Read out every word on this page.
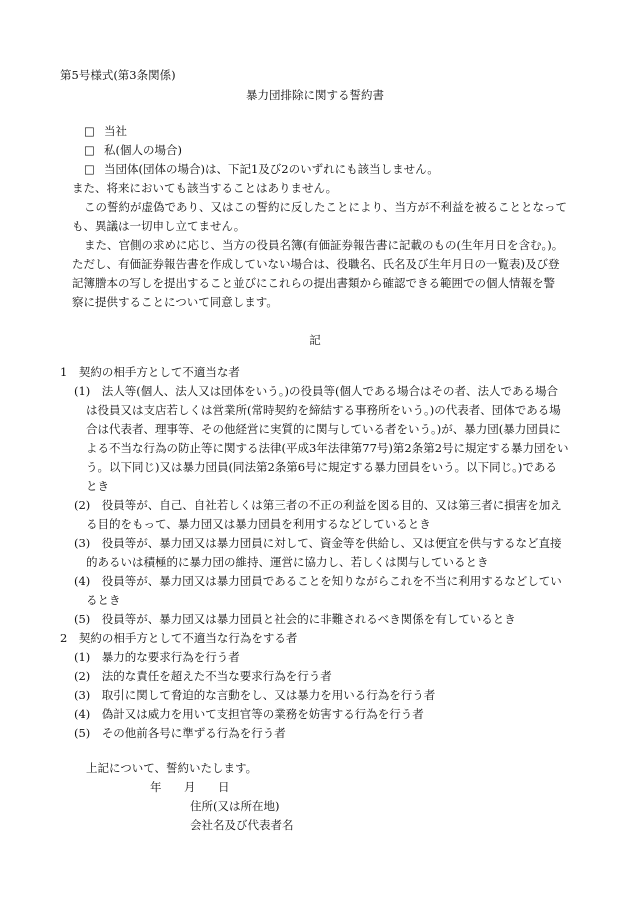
第5号様式(第3条関係)
暴力団排除に関する誓約書
□ 当社
□ 私(個人の場合)
□ 当団体(団体の場合)は、下記1及び2のいずれにも該当しません。
また、将来においても該当することはありません。
この誓約が虚偽であり、又はこの誓約に反したことにより、当方が不利益を被ることとなって
も、異議は一切申し立てません。
また、官側の求めに応じ、当方の役員名簿(有価証券報告書に記載のもの(生年月日を含む。)。
ただし、有価証券報告書を作成していない場合は、役職名、氏名及び生年月日の一覧表)及び登
記簿謄本の写しを提出すること並びにこれらの提出書類から確認できる範囲での個人情報を警
察に提供することについて同意します。
記
1　契約の相手方として不適当な者
(1)　法人等(個人、法人又は団体をいう。)の役員等(個人である場合はその者、法人である場合
は役員又は支店若しくは営業所(常時契約を締結する事務所をいう。)の代表者、団体である場
合は代表者、理事等、その他経営に実質的に関与している者をいう。)が、暴力団(暴力団員に
よる不当な行為の防止等に関する法律(平成3年法律第77号)第2条第2号に規定する暴力団をい
う。以下同じ)又は暴力団員(同法第2条第6号に規定する暴力団員をいう。以下同じ。)である
とき
(2)　役員等が、自己、自社若しくは第三者の不正の利益を図る目的、又は第三者に損害を加え
る目的をもって、暴力団又は暴力団員を利用するなどしているとき
(3)　役員等が、暴力団又は暴力団員に対して、資金等を供給し、又は便宜を供与するなど直接
的あるいは積極的に暴力団の維持、運営に協力し、若しくは関与しているとき
(4)　役員等が、暴力団又は暴力団員であることを知りながらこれを不当に利用するなどしてい
るとき
(5)　役員等が、暴力団又は暴力団員と社会的に非難されるべき関係を有しているとき
2　契約の相手方として不適当な行為をする者
(1)　暴力的な要求行為を行う者
(2)　法的な責任を超えた不当な要求行為を行う者
(3)　取引に関して脅迫的な言動をし、又は暴力を用いる行為を行う者
(4)　偽計又は威力を用いて支担官等の業務を妨害する行為を行う者
(5)　その他前各号に準ずる行為を行う者
上記について、誓約いたします。
年 月 日
住所(又は所在地)
会社名及び代表者名
